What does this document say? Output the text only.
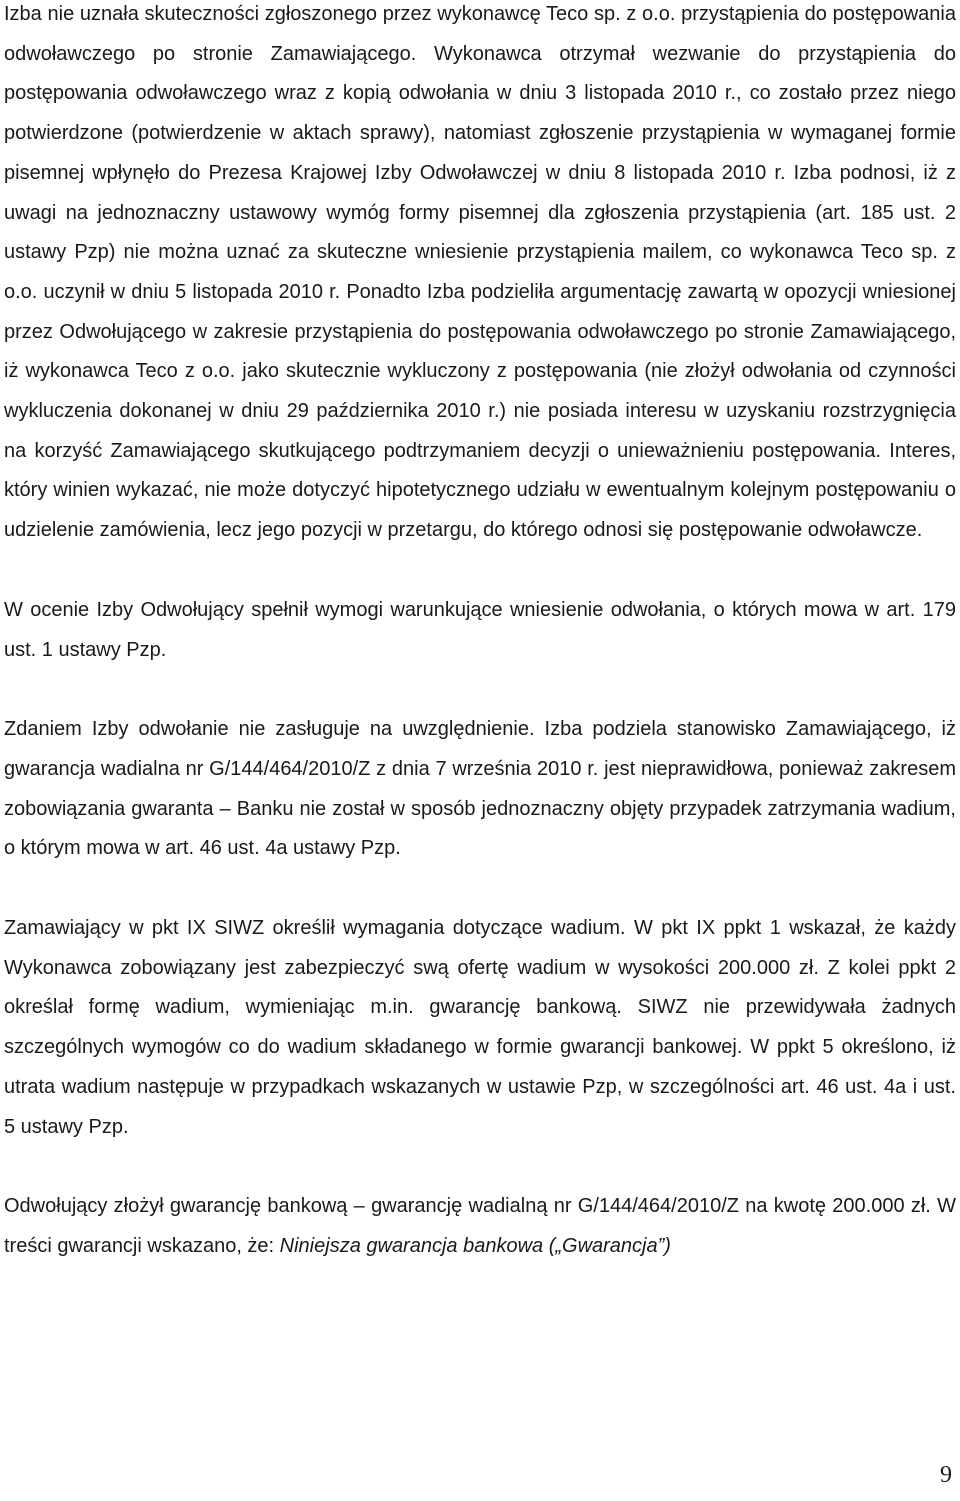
Izba nie uznała skuteczności zgłoszonego przez wykonawcę Teco sp. z o.o. przystąpienia do postępowania odwoławczego po stronie Zamawiającego. Wykonawca otrzymał wezwanie do przystąpienia do postępowania odwoławczego wraz z kopią odwołania w dniu 3 listopada 2010 r., co zostało przez niego potwierdzone (potwierdzenie w aktach sprawy), natomiast zgłoszenie przystąpienia w wymaganej formie pisemnej wpłynęło do Prezesa Krajowej Izby Odwoławczej w dniu 8 listopada 2010 r. Izba podnosi, iż z uwagi na jednoznaczny ustawowy wymóg formy pisemnej dla zgłoszenia przystąpienia (art. 185 ust. 2 ustawy Pzp) nie można uznać za skuteczne wniesienie przystąpienia mailem, co wykonawca Teco sp. z o.o. uczynił w dniu 5 listopada 2010 r. Ponadto Izba podzieliła argumentację zawartą w opozycji wniesionej przez Odwołującego w zakresie przystąpienia do postępowania odwoławczego po stronie Zamawiającego, iż wykonawca Teco z o.o. jako skutecznie wykluczony z postępowania (nie złożył odwołania od czynności wykluczenia dokonanej w dniu 29 października 2010 r.) nie posiada interesu w uzyskaniu rozstrzygnięcia na korzyść Zamawiającego skutkującego podtrzymaniem decyzji o unieważnieniu postępowania. Interes, który winien wykazać, nie może dotyczyć hipotetycznego udziału w ewentualnym kolejnym postępowaniu o udzielenie zamówienia, lecz jego pozycji w przetargu, do którego odnosi się postępowanie odwoławcze.

W ocenie Izby Odwołujący spełnił wymogi warunkujące wniesienie odwołania, o których mowa w art. 179 ust. 1 ustawy Pzp.

Zdaniem Izby odwołanie nie zasługuje na uwzględnienie. Izba podziela stanowisko Zamawiającego, iż gwarancja wadialna nr G/144/464/2010/Z z dnia 7 września 2010 r. jest nieprawidłowa, ponieważ zakresem zobowiązania gwaranta – Banku nie został w sposób jednoznaczny objęty przypadek zatrzymania wadium, o którym mowa w art. 46 ust. 4a ustawy Pzp.

Zamawiający w pkt IX SIWZ określił wymagania dotyczące wadium. W pkt IX ppkt 1 wskazał, że każdy Wykonawca zobowiązany jest zabezpieczyć swą ofertę wadium w wysokości 200.000 zł. Z kolei ppkt 2 określał formę wadium, wymieniając m.in. gwarancję bankową. SIWZ nie przewidywała żadnych szczególnych wymogów co do wadium składanego w formie gwarancji bankowej. W ppkt 5 określono, iż utrata wadium następuje w przypadkach wskazanych w ustawie Pzp, w szczególności art. 46 ust. 4a i ust. 5 ustawy Pzp.

Odwołujący złożył gwarancję bankową – gwarancję wadialną nr G/144/464/2010/Z na kwotę 200.000 zł. W treści gwarancji wskazano, że: Niniejsza gwarancja bankowa („Gwarancja”)

9
